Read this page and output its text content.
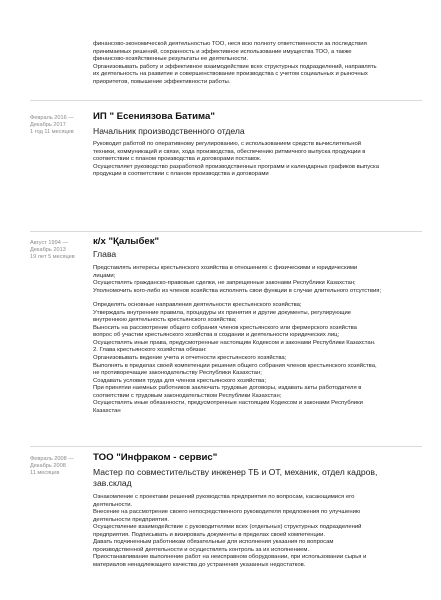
финансово-экономической деятельностью ТОО, неся всю полноту ответственности за последствия

принимаемых решений, сохранность и эффективное использование имущества ТОО, а также

финансово-хозяйственные результаты ее деятельности.

Организовывать работу и эффективное взаимодействие всех структурных подразделений, направлять

их деятельность на развитие и совершенствование производства с учетом социальных и рыночных

приоритетов, повышение эффективности работы.

Февраль 2016 —
Декабрь 2017
1 год 11 месяцев

ИП " Есениязова Батима"

Начальник производственного отдела

Руководит работой по оперативному регулированию, с использованием средств вычислительной

техники, коммуникаций и связи, хода производства, обеспечению ритмичного выпуска продукции в

соответствии с планом производства и договорами поставок.

Осуществляет руководство разработкой производственных программ и календарных графиков выпуска

продукции в соответствии с планом производства и договорами

Август 1994 —
Декабрь 2013
19 лет 5 месяцев

к/х "Қалыбек"

Глава

Представлять интересы крестьянского хозяйства в отношениях с физическими и юридическими

лицами;

Осуществлять гражданско-правовые сделки, не запрещенные законами Республики Казахстан;

Уполномочить кого-либо из членов хозяйства исполнять свои функции в случае длительного отсутствия;

Определять основные направления деятельности крестьянского хозяйства;

Утверждать внутренние правила, процедуры их принятия и другие документы, регулирующие

внутреннюю деятельность крестьянского хозяйства;

Выносить на рассмотрение общего собрания членов крестьянского или фермерского хозяйства

вопрос об участии крестьянского хозяйства в создании и деятельности юридических лиц;

Осуществлять иные права, предусмотренные настоящим Кодексом и законами Республики Казахстан.

2. Глава крестьянского хозяйства обязан:

Организовывать ведение учета и отчетности крестьянского хозяйства;

Выполнять в пределах своей компетенции решения общего собрания членов крестьянского хозяйства,

не противоречащие законодательству Республики Казахстан;

Создавать условия труда для членов крестьянского хозяйства;

При принятии наемных работников заключать трудовые договоры, издавать акты работодателя в

соответствии с трудовым законодательством Республики Казахстан;

Осуществлять иные обязанности, предусмотренные настоящим Кодексом и законами Республики

Казахстан

Февраль 2008 —
Декабрь 2008
11 месяцев

ТОО "Инфраком - сервис"

Мастер по совместительству инженер ТБ и ОТ, механик, отдел кадров, зав.склад

Ознакомление с проектами решений руководства предприятия по вопросам, касающимися его

деятельности.

Внесение на рассмотрение своего непосредственного руководителя предложения по улучшению

деятельности предприятия.

Осуществление взаимодействие с руководителями всех (отдельных) структурных подразделений

предприятия. Подписывать и визировать документы в пределах своей компетенции.

Давать подчиненным работникам обязательные для исполнения указания по вопросам

производственной деятельности и осуществлять контроль за их исполнением.

Приостанавливание выполнение работ на неисправном оборудовании, при использовании сырья и

материалов ненадлежащего качества до устранения указанных недостатков.
